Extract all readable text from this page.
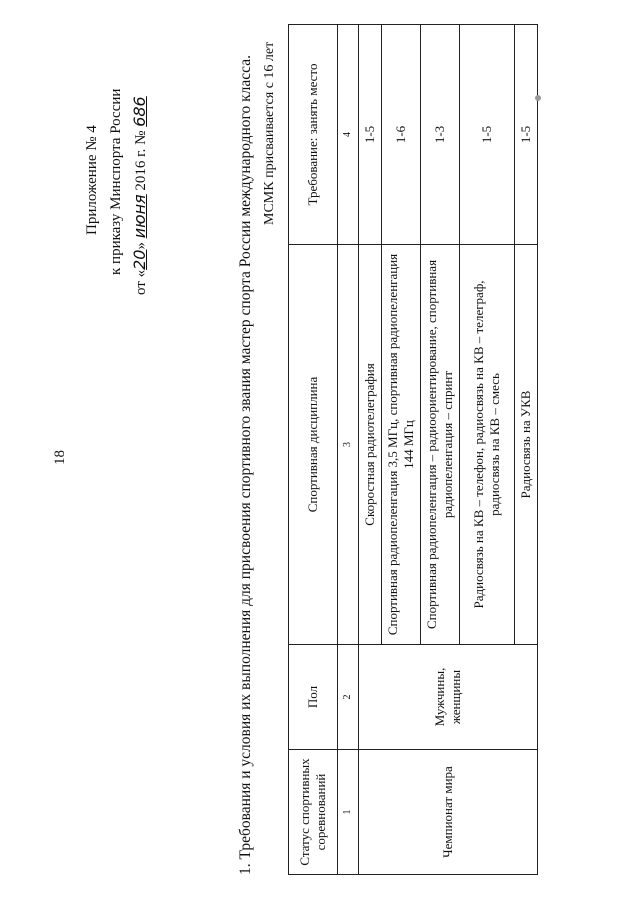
18
Приложение № 4 к приказу Минспорта России
от «20» июня 2016 г. № 686	1. Требования и условия их выполнения для присвоения спортивного звания мастер спорта России международного класса. МСМК присваивается с 16 лет
Статус спортивных соревнований	Пол	Спортивная дисциплина	Требование: занять место
1	2	3	4
Чемпионат мира	Мужчины, женщины	Скоростная радиотелеграфия	1-5
		Спортивная радиопеленгация 3,5 МГц, спортивная радиопеленгация 144 МГц	1-6
		Спортивная радиопеленгация – радиоориентирование, спортивная радиопеленгация – спринт	1-3
		Радиосвязь на КВ – телефон, радиосвязь на КВ – телеграф, радиосвязь на КВ – смесь	1-5
		Радиосвязь на УКВ	1-5
